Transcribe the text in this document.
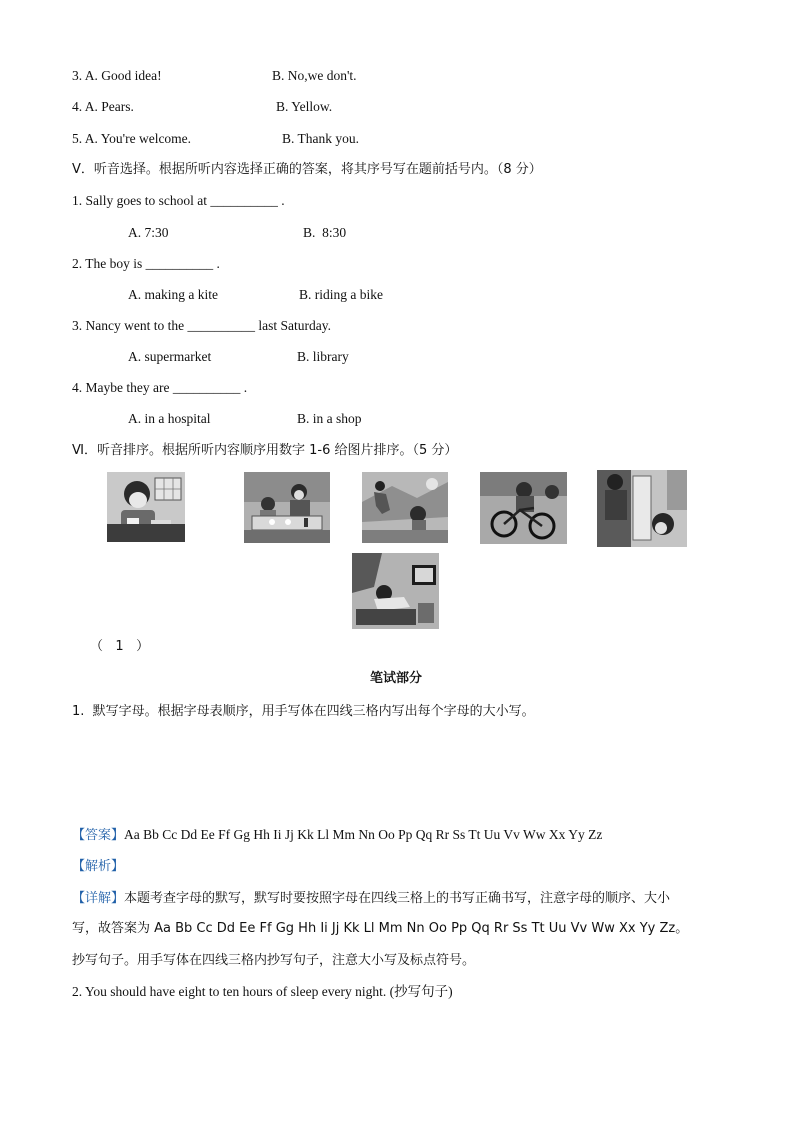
3. A. Good idea!	B. No,we don't.
4. A. Pears.	B. Yellow.
5. A. You're welcome.	B. Thank you.
V．听音选择。根据所听内容选择正确的答案，将其序号写在题前括号内。（8 分）
1. Sally goes to school at __________ .
A. 7:30	B.  8:30
2. The boy is __________ .
A. making a kite	B. riding a bike
3. Nancy went to the __________ last Saturday.
A. supermarket	B. library
4. Maybe they are __________ .
A. in a hospital	B. in a shop
Ⅵ．听音排序。根据所听内容顺序用数字 1-6 给图片排序。（5 分）
（   1   ）
笔试部分
1.  默写字母。根据字母表顺序，用手写体在四线三格内写出每个字母的大小写。
【答案】Aa Bb Cc Dd Ee Ff Gg Hh Ii Jj Kk Ll Mm Nn Oo Pp Qq Rr Ss Tt Uu Vv Ww Xx Yy Zz
【解析】
【详解】本题考查字母的默写，默写时要按照字母在四线三格上的书写正确书写，注意字母的顺序、大小
写，故答案为 Aa Bb Cc Dd Ee Ff Gg Hh Ii Jj Kk Ll Mm Nn Oo Pp Qq Rr Ss Tt Uu Vv Ww Xx Yy Zz。
抄写句子。用手写体在四线三格内抄写句子，注意大小写及标点符号。
2. You should have eight to ten hours of sleep every night. (抄写句子)
